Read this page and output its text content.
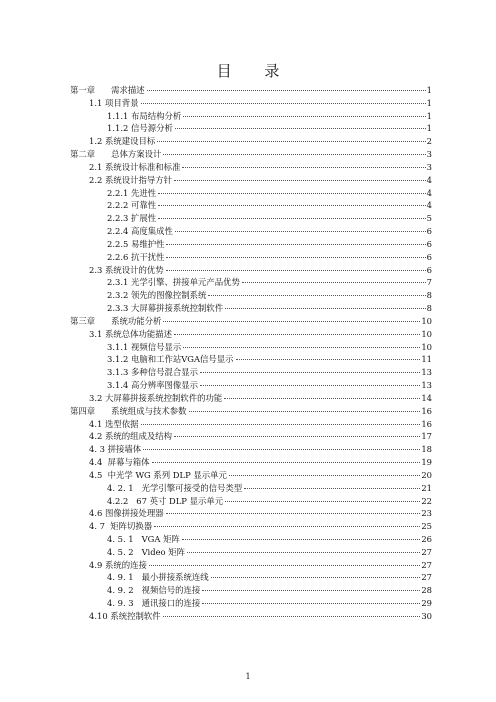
目 录
第一章 需求描述	1
1.1 项目背景	1
1.1.1 布局结构分析	1
1.1.2 信号源分析	1
1.2 系统建设目标	2
第二章 总体方案设计	3
2.1 系统设计标准和标准	3
2.2 系统设计指导方针	4
2.2.1 先进性	4
2.2.2 可靠性	4
2.2.3 扩展性	5
2.2.4 高度集成性	6
2.2.5 易维护性	6
2.2.6 抗干扰性	6
2.3 系统设计的优势	6
2.3.1 光学引擎、拼接单元产品优势	7
2.3.2 领先的图像控制系统	8
2.3.3 大屏幕拼接系统控制软件	8
第三章 系统功能分析	10
3.1 系统总体功能描述	10
3.1.1 视频信号显示	10
3.1.2 电脑和工作站VGA信号显示	11
3.1.3 多种信号混合显示	13
3.1.4 高分辨率图像显示	13
3.2 大屏幕拼接系统控制软件的功能	14
第四章 系统组成与技术参数	16
4.1 选型依据	16
4.2 系统的组成及结构	17
4. 3 拼接墙体	18
4.4  屏幕与箱体	19
4.5  中光学 WG 系列 DLP 显示单元	20
4. 2. 1   光学引擎可接受的信号类型	21
4.2.2   67 英寸 DLP 显示单元	22
4.6 图像拼接处理器	23
4. 7  矩阵切换器	25
4. 5. 1   VGA 矩阵	26
4. 5. 2   Video 矩阵	27
4.9 系统的连接	27
4. 9. 1   最小拼接系统连线	27
4. 9. 2   视频信号的连接	28
4. 9. 3   通讯接口的连接	29
4.10 系统控制软件	30
1
